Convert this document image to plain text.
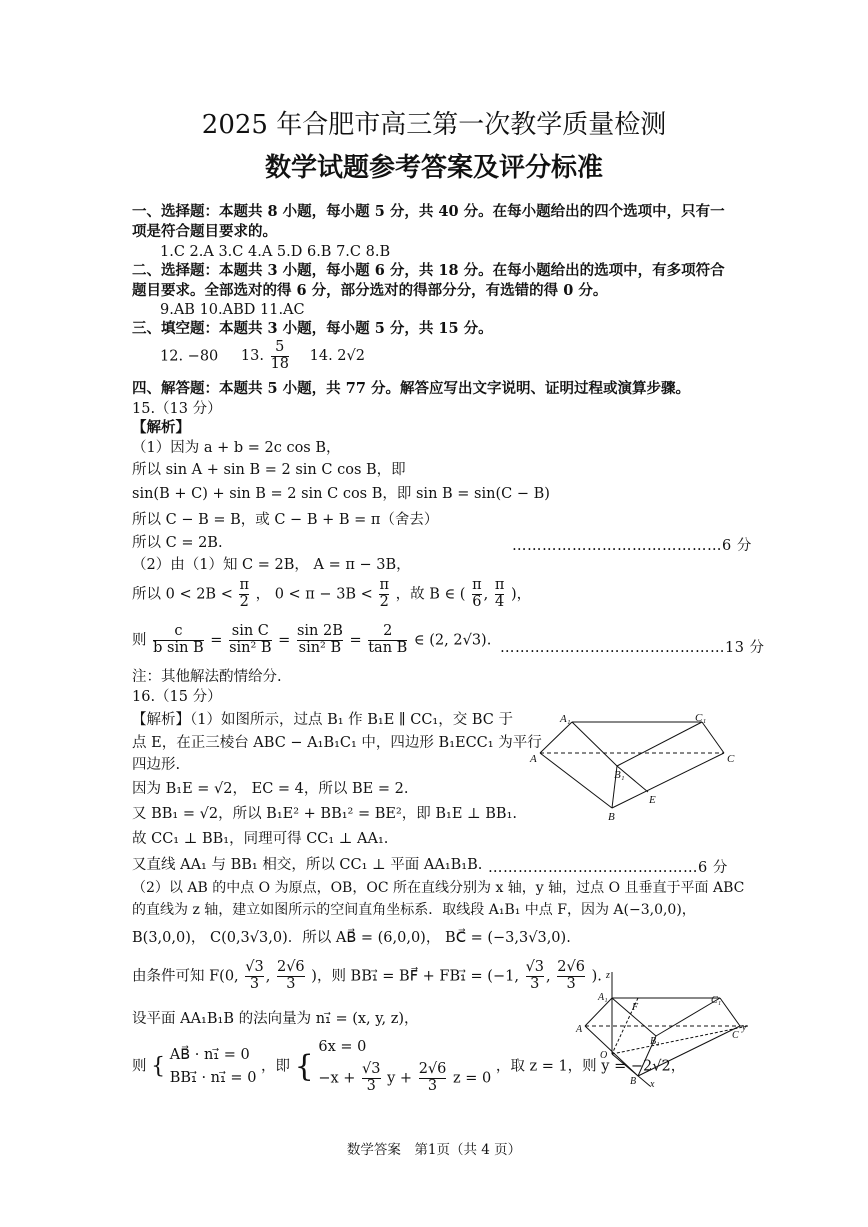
2025 年合肥市高三第一次教学质量检测
数学试题参考答案及评分标准
一、选择题：本题共 8 小题，每小题 5 分，共 40 分。在每小题给出的四个选项中，只有一
项是符合题目要求的。
1.C 2.A 3.C 4.A 5.D 6.B 7.C 8.B
二、选择题：本题共 3 小题，每小题 6 分，共 18 分。在每小题给出的选项中，有多项符合
题目要求。全部选对的得 6 分，部分选对的得部分分，有选错的得 0 分。
9.AB 10.ABD 11.AC
三、填空题：本题共 3 小题，每小题 5 分，共 15 分。
12. −80 13. $\frac{5}{18} 14$. 2√2
四、解答题：本题共 5 小题，共 77 分。解答应写出文字说明、证明过程或演算步骤。
15.（13 分）
【解析】
（1）因为 a + b = 2c cos B，
所以 sin A + sin B = 2 sin C cos B，即
sin(B + C) + sin B = 2 sin C cos B，即 sin B = sin(C − B)
所以 C − B = B，或 C − B + B = π（舍去）
所以 C = 2B.	……………………………………6 分
（2）由（1）知 C = 2B， A = π − 3B，
所以 $0 < 2B < \frac{\pi}{2}$ ， $0 < \pi - 3B < \frac{\pi}{2}$ ，故 B ∈ ( $\frac{\pi}{6}$ , $\frac{\pi}{4}$ )，
则 $\frac{c}{\text{b sin B}} = \frac{\text{sin C}}{\text{sin² B}} = \frac{\sin 2B}{\text{sin² B}} = \frac{2}{\text{tan B}}$ ∈ (2, 2√3). ………………………………………13 分
注：其他解法酌情给分.
16.（15 分）
【解析】（1）如图所示，过点 B₁ 作 B₁E ∥ CC₁，交 BC 于
点 E，在正三棱台 ABC − A₁B₁C₁ 中，四边形 B₁ECC₁ 为平行
四边形.
因为 B₁E = √2， EC = 4，所以 BE = 2.
又 BB₁ = √2，所以 B₁E² + BB₁² = BE²，即 B₁E ⊥ BB₁.
故 CC₁ ⊥ BB₁，同理可得 CC₁ ⊥ AA₁.
又直线 AA₁ 与 BB₁ 相交，所以 CC₁ ⊥ 平面 AA₁B₁B. ……………………………………6 分
（2）以 AB 的中点 O 为原点，OB，OC 所在直线分别为 x 轴，y 轴，过点 O 且垂直于平面 ABC
的直线为 z 轴，建立如图所示的空间直角坐标系．取线段 A₁B₁ 中点 F，因为 A(−3,0,0)，
B(3,0,0)， C(0,3√3,0)．所以 AB⃗ = (6,0,0)， BC⃗ = (−3,3√3,0).
由条件可知 F(0, $\frac{√3}{3}$ , $\frac{2√6}{3}$ )，则 BB₁⃗ = BF⃗ + FB₁⃗ = (−1, $\frac{√3}{3}$ , $\frac{2√6}{3}$ ).
设平面 AA₁B₁B 的法向量为 n₁⃗ = (x, y, z)，
则 { AB⃗ · n₁⃗ = 0
BB₁⃗ · n₁⃗ = 0
，即 {
6x = 0
$-x + \frac{√3}{3}$ $y + \frac{2√6}{3}$ z = 0
，取 z = 1，则 y = −2√2，
A₁	C₁
A	C
B₁
E
B
z
A₁	C₁
F
A
B₁
y
O
C
B x
数学答案　第1页（共 4 页）
